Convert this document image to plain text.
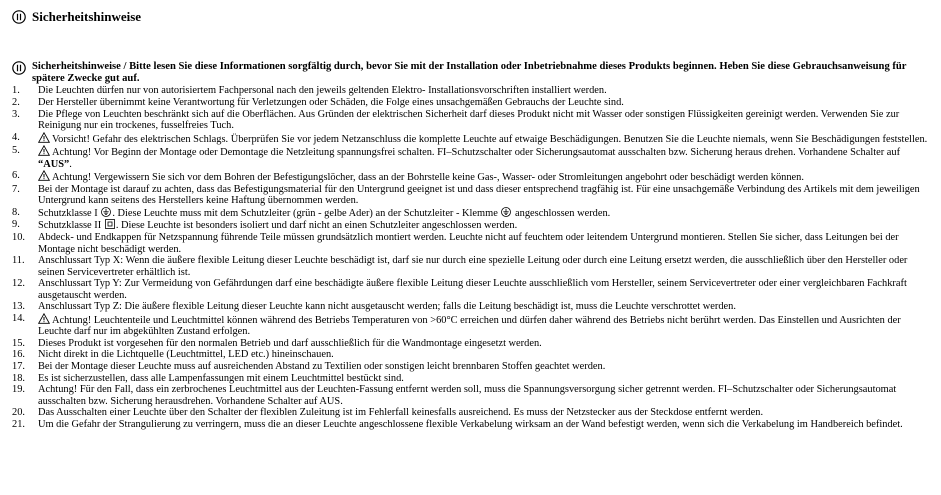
Sicherheitshinweise
Sicherheitshinweise / Bitte lesen Sie diese Informationen sorgfältig durch, bevor Sie mit der Installation oder Inbetriebnahme dieses Produkts beginnen. Heben Sie diese Gebrauchsanweisung für spätere Zwecke gut auf.
1.	Die Leuchten dürfen nur von autorisiertem Fachpersonal nach den jeweils geltenden Elektro- Installationsvorschriften installiert werden.
2.	Der Hersteller übernimmt keine Verantwortung für Verletzungen oder Schäden, die Folge eines unsachgemäßen Gebrauchs der Leuchte sind.
3.	Die Pflege von Leuchten beschränkt sich auf die Oberflächen. Aus Gründen der elektrischen Sicherheit darf dieses Produkt nicht mit Wasser oder sonstigen Flüssigkeiten gereinigt werden. Verwenden Sie zur Reinigung nur ein trockenes, fusselfreies Tuch.
4.	Vorsicht! Gefahr des elektrischen Schlags. Überprüfen Sie vor jedem Netzanschluss die komplette Leuchte auf etwaige Beschädigungen. Benutzen Sie die Leuchte niemals, wenn Sie Beschädigungen feststellen.
5.	Achtung! Vor Beginn der Montage oder Demontage die Netzleitung spannungsfrei schalten. FI–Schutzschalter oder Sicherungsautomat ausschalten bzw. Sicherung heraus drehen. Vorhandene Schalter auf “AUS”.
6.	Achtung! Vergewissern Sie sich vor dem Bohren der Befestigungslöcher, dass an der Bohrstelle keine Gas-, Wasser- oder Stromleitungen angebohrt oder beschädigt werden können.
7.	Bei der Montage ist darauf zu achten, dass das Befestigungsmaterial für den Untergrund geeignet ist und dass dieser entsprechend tragfähig ist. Für eine unsachgemäße Verbindung des Artikels mit dem jeweiligen Untergrund kann seitens des Herstellers keine Haftung übernommen werden.
8.	Schutzklasse I . Diese Leuchte muss mit dem Schutzleiter (grün - gelbe Ader) an der Schutzleiter - Klemme angeschlossen werden.
9.	Schutzklasse II . Diese Leuchte ist besonders isoliert und darf nicht an einen Schutzleiter angeschlossen werden.
10.	Abdeck- und Endkappen für Netzspannung führende Teile müssen grundsätzlich montiert werden. Leuchte nicht auf feuchtem oder leitendem Untergrund montieren. Stellen Sie sicher, dass Leitungen bei der Montage nicht beschädigt werden.
11.	Anschlussart Typ X: Wenn die äußere flexible Leitung dieser Leuchte beschädigt ist, darf sie nur durch eine spezielle Leitung oder durch eine Leitung ersetzt werden, die ausschließlich über den Hersteller oder seinen Servicevertreter erhältlich ist.
12.	Anschlussart Typ Y: Zur Vermeidung von Gefährdungen darf eine beschädigte äußere flexible Leitung dieser Leuchte ausschließlich vom Hersteller, seinem Servicevertreter oder einer vergleichbaren Fachkraft ausgetauscht werden.
13.	Anschlussart Typ Z: Die äußere flexible Leitung dieser Leuchte kann nicht ausgetauscht werden; falls die Leitung beschädigt ist, muss die Leuchte verschrottet werden.
14.	Achtung! Leuchtenteile und Leuchtmittel können während des Betriebs Temperaturen von >60°C erreichen und dürfen daher während des Betriebs nicht berührt werden. Das Einstellen und Ausrichten der Leuchte darf nur im abgekühlten Zustand erfolgen.
15.	Dieses Produkt ist vorgesehen für den normalen Betrieb und darf ausschließlich für die Wandmontage eingesetzt werden.
16.	Nicht direkt in die Lichtquelle (Leuchtmittel, LED etc.) hineinschauen.
17.	Bei der Montage dieser Leuchte muss auf ausreichenden Abstand zu Textilien oder sonstigen leicht brennbaren Stoffen geachtet werden.
18.	Es ist sicherzustellen, dass alle Lampenfassungen mit einem Leuchtmittel bestückt sind.
19.	Achtung! Für den Fall, dass ein zerbrochenes Leuchtmittel aus der Leuchten-Fassung entfernt werden soll, muss die Spannungsversorgung sicher getrennt werden. FI–Schutzschalter oder Sicherungsautomat ausschalten bzw. Sicherung herausdrehen. Vorhandene Schalter auf AUS.
20.	Das Ausschalten einer Leuchte über den Schalter der flexiblen Zuleitung ist im Fehlerfall keinesfalls ausreichend. Es muss der Netzstecker aus der Steckdose entfernt werden.
21.	Um die Gefahr der Strangulierung zu verringern, muss die an dieser Leuchte angeschlossene flexible Verkabelung wirksam an der Wand befestigt werden, wenn sich die Verkabelung im Handbereich befindet.
